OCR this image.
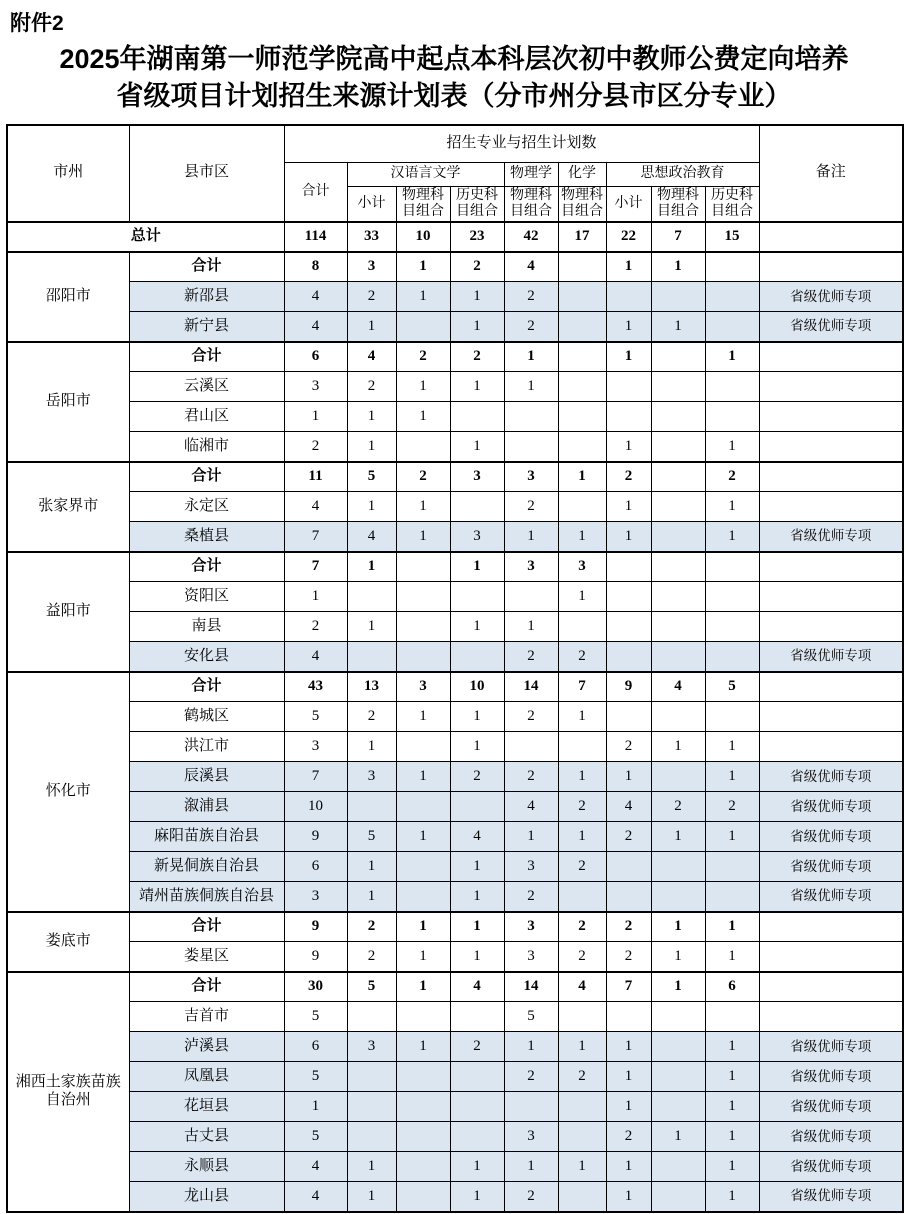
附件2
2025年湖南第一师范学院高中起点本科层次初中教师公费定向培养
省级项目计划招生来源计划表（分市州分县市区分专业）
市州	县市区	招生专业与招生计划数									备注
		合计	汉语言文学			物理学	化学	思想政治教育			
			小计	物理科目组合	历史科目组合	物理科目组合	物理科目组合	小计	物理科目组合	历史科目组合	
总计		114	33	10	23	42	17	22	7	15	
邵阳市	合计	8	3	1	2	4		1	1		
	新邵县	4	2	1	1	2					省级优师专项
	新宁县	4	1		1	2		1	1		省级优师专项
岳阳市	合计	6	4	2	2	1		1		1	
	云溪区	3	2	1	1	1					
	君山区	1	1	1							
	临湘市	2	1		1			1		1	
张家界市	合计	11	5	2	3	3	1	2		2	
	永定区	4	1	1		2		1		1	
	桑植县	7	4	1	3	1	1	1		1	省级优师专项
益阳市	合计	7	1		1	3	3				
	资阳区	1					1				
	南县	2	1		1	1					
	安化县	4				2	2				省级优师专项
怀化市	合计	43	13	3	10	14	7	9	4	5	
	鹤城区	5	2	1	1	2	1				
	洪江市	3	1		1			2	1	1	
	辰溪县	7	3	1	2	2	1	1		1	省级优师专项
	溆浦县	10				4	2	4	2	2	省级优师专项
	麻阳苗族自治县	9	5	1	4	1	1	2	1	1	省级优师专项
	新晃侗族自治县	6	1		1	3	2				省级优师专项
	靖州苗族侗族自治县	3	1		1	2					省级优师专项
娄底市	合计	9	2	1	1	3	2	2	1	1	
	娄星区	9	2	1	1	3	2	2	1	1	
湘西土家族苗族自治州	合计	30	5	1	4	14	4	7	1	6	
	吉首市	5				5					
	泸溪县	6	3	1	2	1	1	1		1	省级优师专项
	凤凰县	5				2	2	1		1	省级优师专项
	花垣县	1						1		1	省级优师专项
	古丈县	5				3		2	1	1	省级优师专项
	永顺县	4	1		1	1	1	1		1	省级优师专项
	龙山县	4	1		1	2		1		1	省级优师专项
